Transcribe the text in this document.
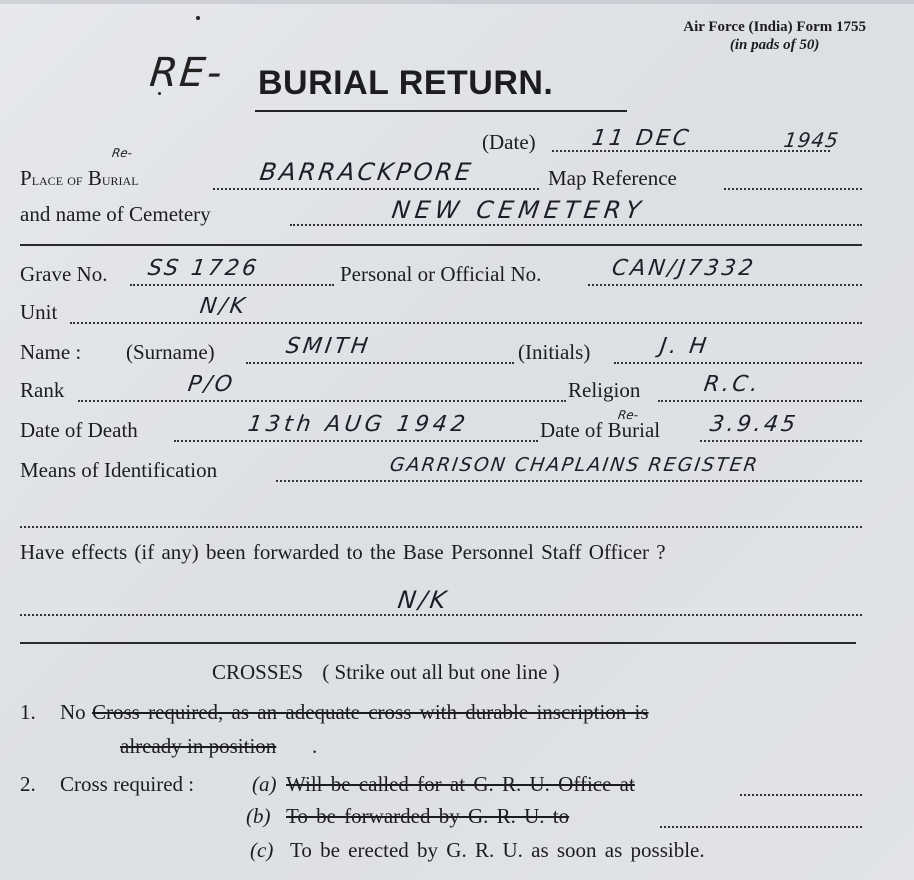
Air Force (India) Form 1755
(in pads of 50)
RE- BURIAL RETURN.
(Date) 11 DEC	1945
Re-
Place of Burial	BARRACKPORE	Map Reference
and name of Cemetery	NEW CEMETERY
Grave No. SS 1726	Personal or Official No.	CAN/J7332
Unit	N/K
Name : (Surname)	SMITH	(Initials)	J. H
Rank	P/O	Religion	R.C.
Re-
Date of Death	13th AUG 1942	Date of Burial 3.9.45
Means of Identification	GARRISON CHAPLAINS REGISTER
Have effects (if any) been forwarded to the Base Personnel Staff Officer ?
N/K
CROSSES ( Strike out all but one line )
1. No Cross required, as an adequate cross with durable inscription is
already in position .
2. Cross required :	(a) Will be called for at G. R. U. Office at
(b) To be forwarded by G. R. U. to
(c) To be erected by G. R. U. as soon as possible.
